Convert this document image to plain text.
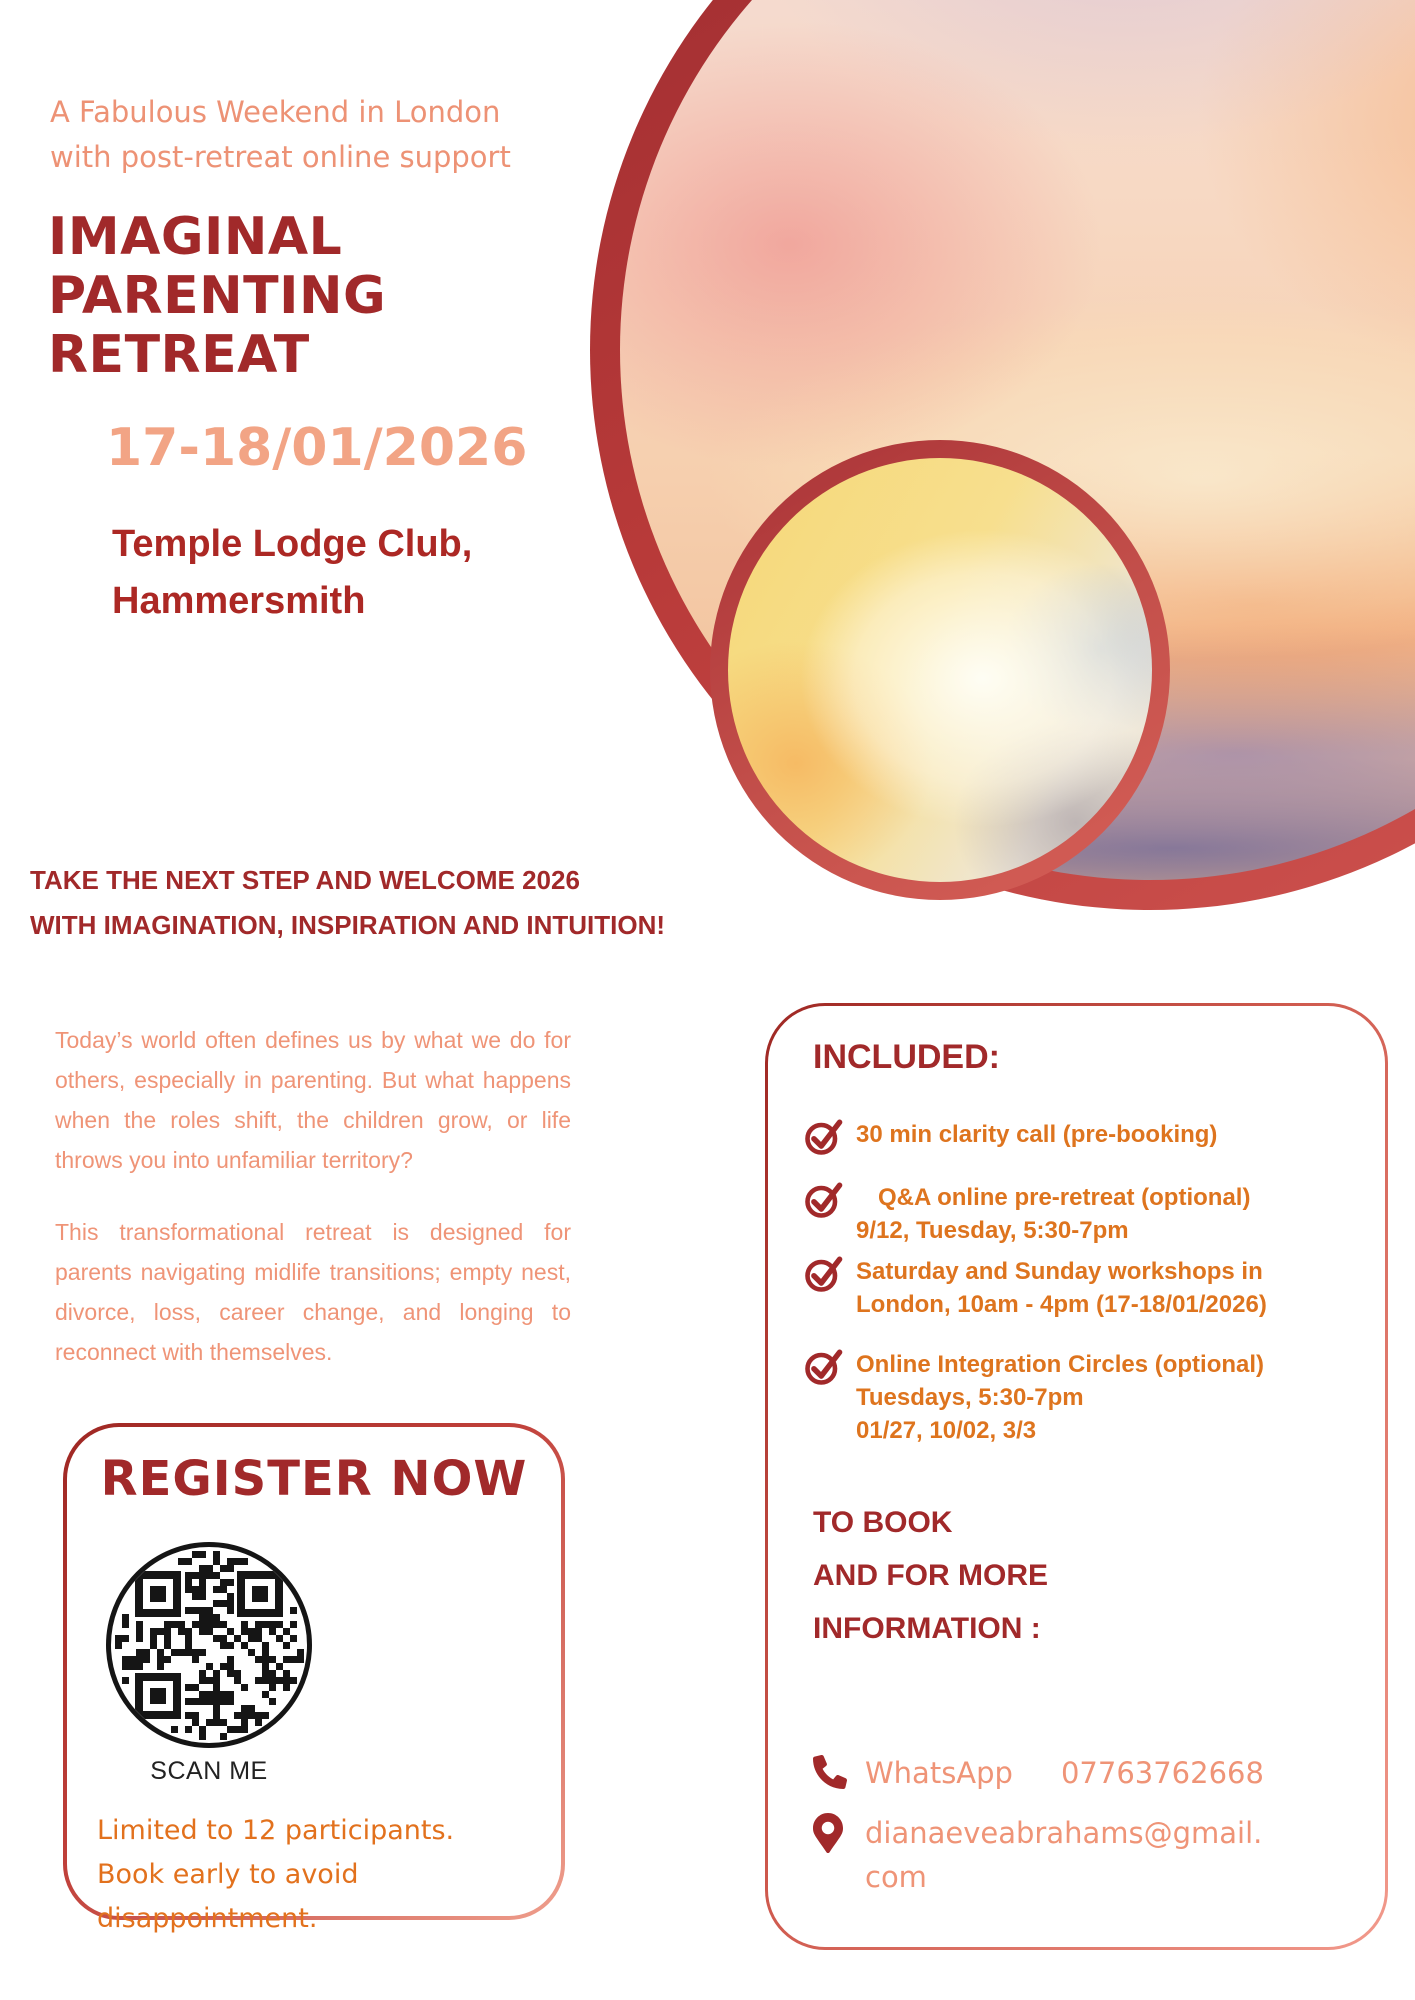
A Fabulous Weekend in London
with post-retreat online support
IMAGINAL
PARENTING
RETREAT
17-18/01/2026
Temple Lodge Club,
Hammersmith
TAKE THE NEXT STEP AND WELCOME 2026
WITH IMAGINATION, INSPIRATION AND INTUITION!
Today’s world often defines us by what we do for others, especially in parenting. But what happens when the roles shift, the children grow, or life throws you into unfamiliar territory?
This transformational retreat is designed for parents navigating midlife transitions; empty nest, divorce, loss, career change, and longing to reconnect with themselves.
REGISTER NOW
SCAN ME
Limited to 12 participants.
Book early to avoid disappointment.
INCLUDED:
30 min clarity call (pre-booking)
Q&A online pre-retreat (optional)
9/12, Tuesday, 5:30-7pm
Saturday and Sunday workshops in
London, 10am - 4pm (17-18/01/2026)
Online Integration Circles (optional)
Tuesdays, 5:30-7pm
01/27, 10/02, 3/3
TO BOOK
AND FOR MORE
INFORMATION :
WhatsApp 07763762668
dianaeveabrahams@gmail.com
